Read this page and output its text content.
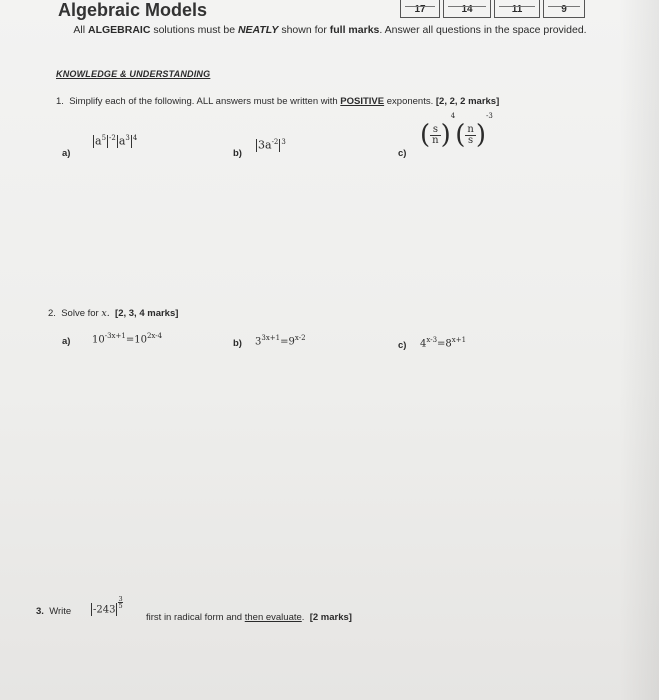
Algebraic Models	17	14	11	9
All ALGEBRAIC solutions must be NEATLY shown for full marks. Answer all questions in the space provided.
KNOWLEDGE & UNDERSTANDING
1. Simplify each of the following. ALL answers must be written with POSITIVE exponents. [2, 2, 2 marks]
a)
$a^5$ $^{-2}$ $a^3$ $^4$
b)
$3a^{-2}$ $^3$
c)
( $\frac{s}{n} )^4( \frac{n}{s} )^{-3}$
2. Solve for x. [2, 3, 4 marks]
a) $10^{-3x+1}=10^{2x-4}$
b) $3^{3x+1}=9^{x-2}$
c) $4^{x-3}=8^{x+1}$
3. Write	-243
$\frac{3}{5}$
first in radical form and then evaluate. [2 marks]
